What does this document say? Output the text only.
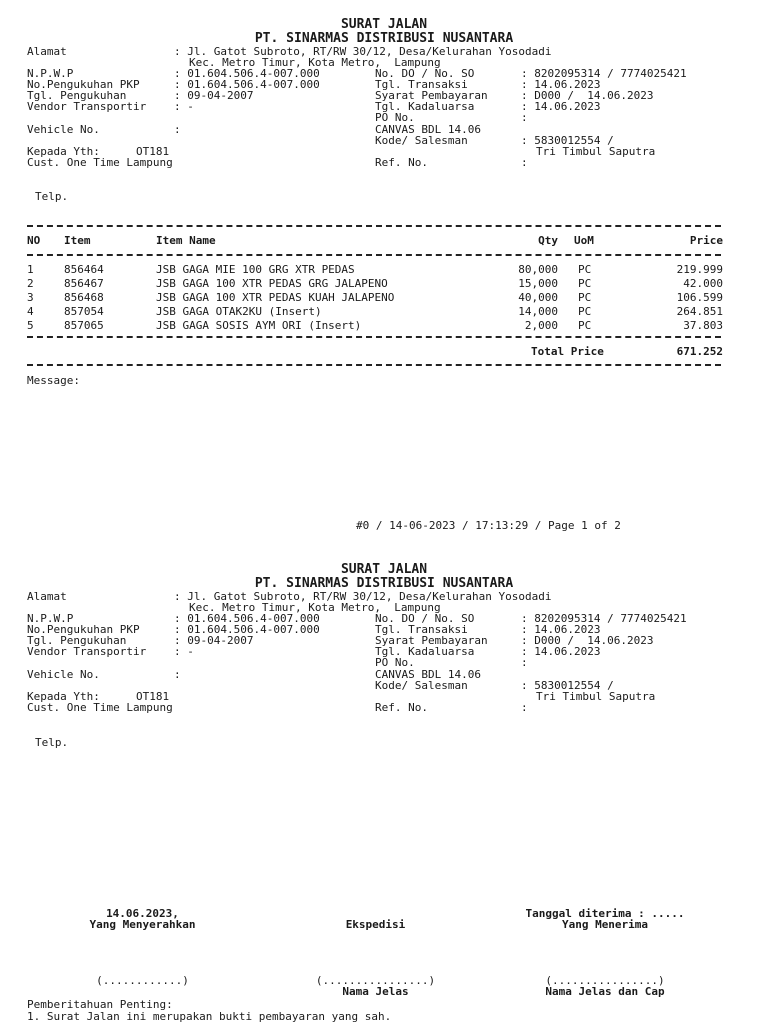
SURAT JALAN
PT. SINARMAS DISTRIBUSI NUSANTARA
Alamat	: Jl. Gatot Subroto, RT/RW 30/12, Desa/Kelurahan Yosodadi
Kec. Metro Timur, Kota Metro,  Lampung
N.P.W.P	: 01.604.506.4-007.000
No.Pengukuhan PKP	: 01.604.506.4-007.000
Tgl. Pengukuhan	: 09-04-2007
Vendor Transportir	: -
Vehicle No.	:
Kepada Yth:	OT181
Cust. One Time Lampung
No. DO / No. SO	: 8202095314 / 7774025421
Tgl. Transaksi	: 14.06.2023
Syarat Pembayaran	: D000 /  14.06.2023
Tgl. Kadaluarsa	: 14.06.2023
PO No.	:
CANVAS BDL 14.06
Kode/ Salesman	: 5830012554 /
Tri Timbul Saputra
Ref. No.	:
Telp.
NO Item	Item Name	Qty UoM	Price
1	856464	JSB GAGA MIE 100 GRG XTR PEDAS	80,000 PC	219.999
2	856467	JSB GAGA 100 XTR PEDAS GRG JALAPENO	15,000 PC	42.000
3	856468	JSB GAGA 100 XTR PEDAS KUAH JALAPENO	40,000 PC	106.599
4	857054	JSB GAGA OTAK2KU (Insert)	14,000 PC	264.851
5	857065	JSB GAGA SOSIS AYM ORI (Insert)	2,000 PC	37.803
Total Price	671.252
Message:
#0 / 14-06-2023 / 17:13:29 / Page 1 of 2
SURAT JALAN
PT. SINARMAS DISTRIBUSI NUSANTARA
Alamat	: Jl. Gatot Subroto, RT/RW 30/12, Desa/Kelurahan Yosodadi
Kec. Metro Timur, Kota Metro,  Lampung
N.P.W.P	: 01.604.506.4-007.000
No.Pengukuhan PKP	: 01.604.506.4-007.000
Tgl. Pengukuhan	: 09-04-2007
Vendor Transportir	: -
Vehicle No.	:
Kepada Yth:	OT181
Cust. One Time Lampung
No. DO / No. SO	: 8202095314 / 7774025421
Tgl. Transaksi	: 14.06.2023
Syarat Pembayaran	: D000 /  14.06.2023
Tgl. Kadaluarsa	: 14.06.2023
PO No.	:
CANVAS BDL 14.06
Kode/ Salesman	: 5830012554 /
Tri Timbul Saputra
Ref. No.	:
Telp.
14.06.2023,
Yang Menyerahkan	Ekspedisi
Tanggal diterima : .....
Yang Menerima
(............)	(................)
Nama Jelas
(................)
Nama Jelas dan Cap
Pemberitahuan Penting:
1. Surat Jalan ini merupakan bukti pembayaran yang sah.
